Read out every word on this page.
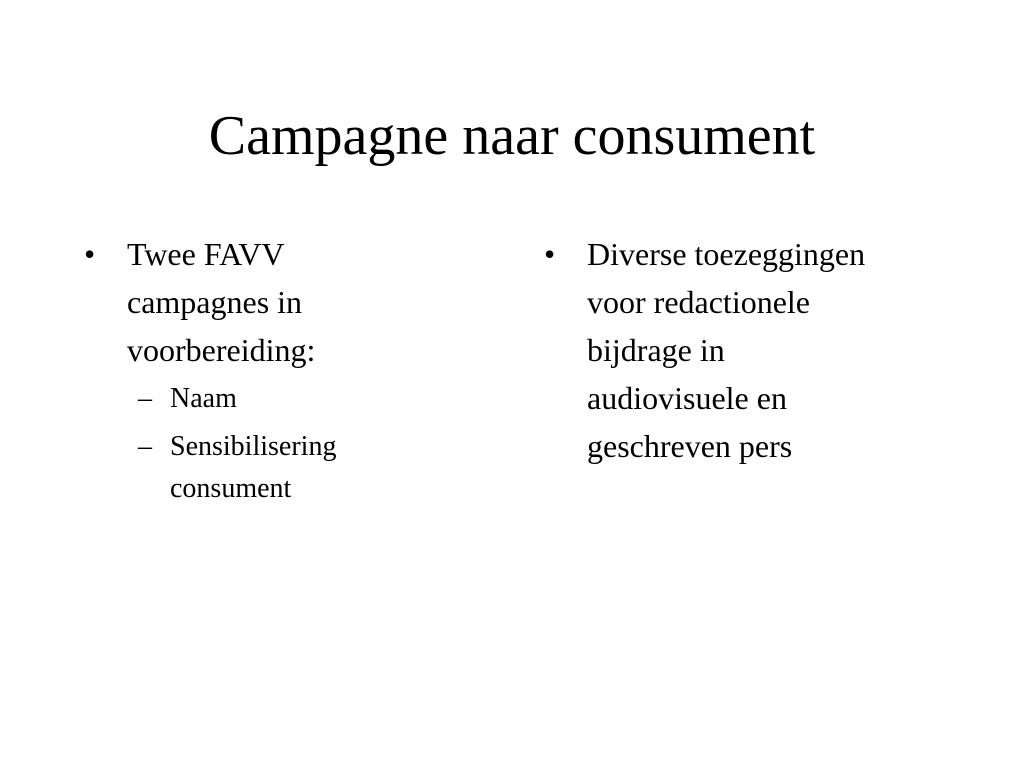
Campagne naar consument
• Twee FAVV
campagnes in
voorbereiding:
– Naam
– Sensibilisering
consument
• Diverse toezeggingen
voor redactionele
bijdrage in
audiovisuele en
geschreven pers
